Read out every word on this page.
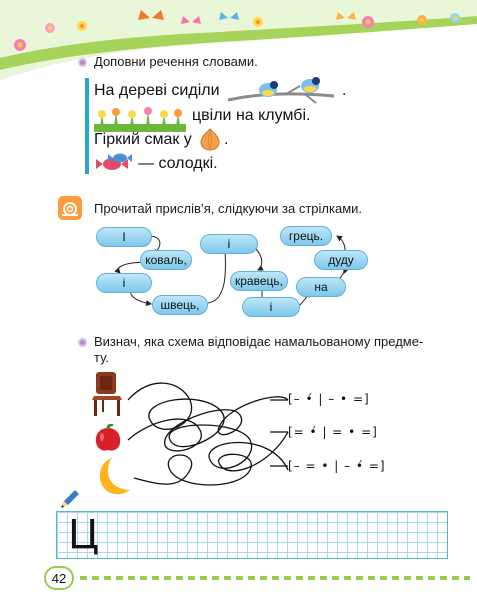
Доповни речення словами.
На дереві сиділи	.
цвіли на клумбі.
Гіркий смак у .
— солодкі.
Прочитай прислів’я, слідкуючи за стрілками.
І
коваль,
і
швець,
і
кравець,
і
на
дуду
грець.
Визнач, яка схема відповідає намальованому предме-
ту.
[– •́ | – • =]
[= •́ | = • =]
[– = • | – •́ =]
Ц
42
